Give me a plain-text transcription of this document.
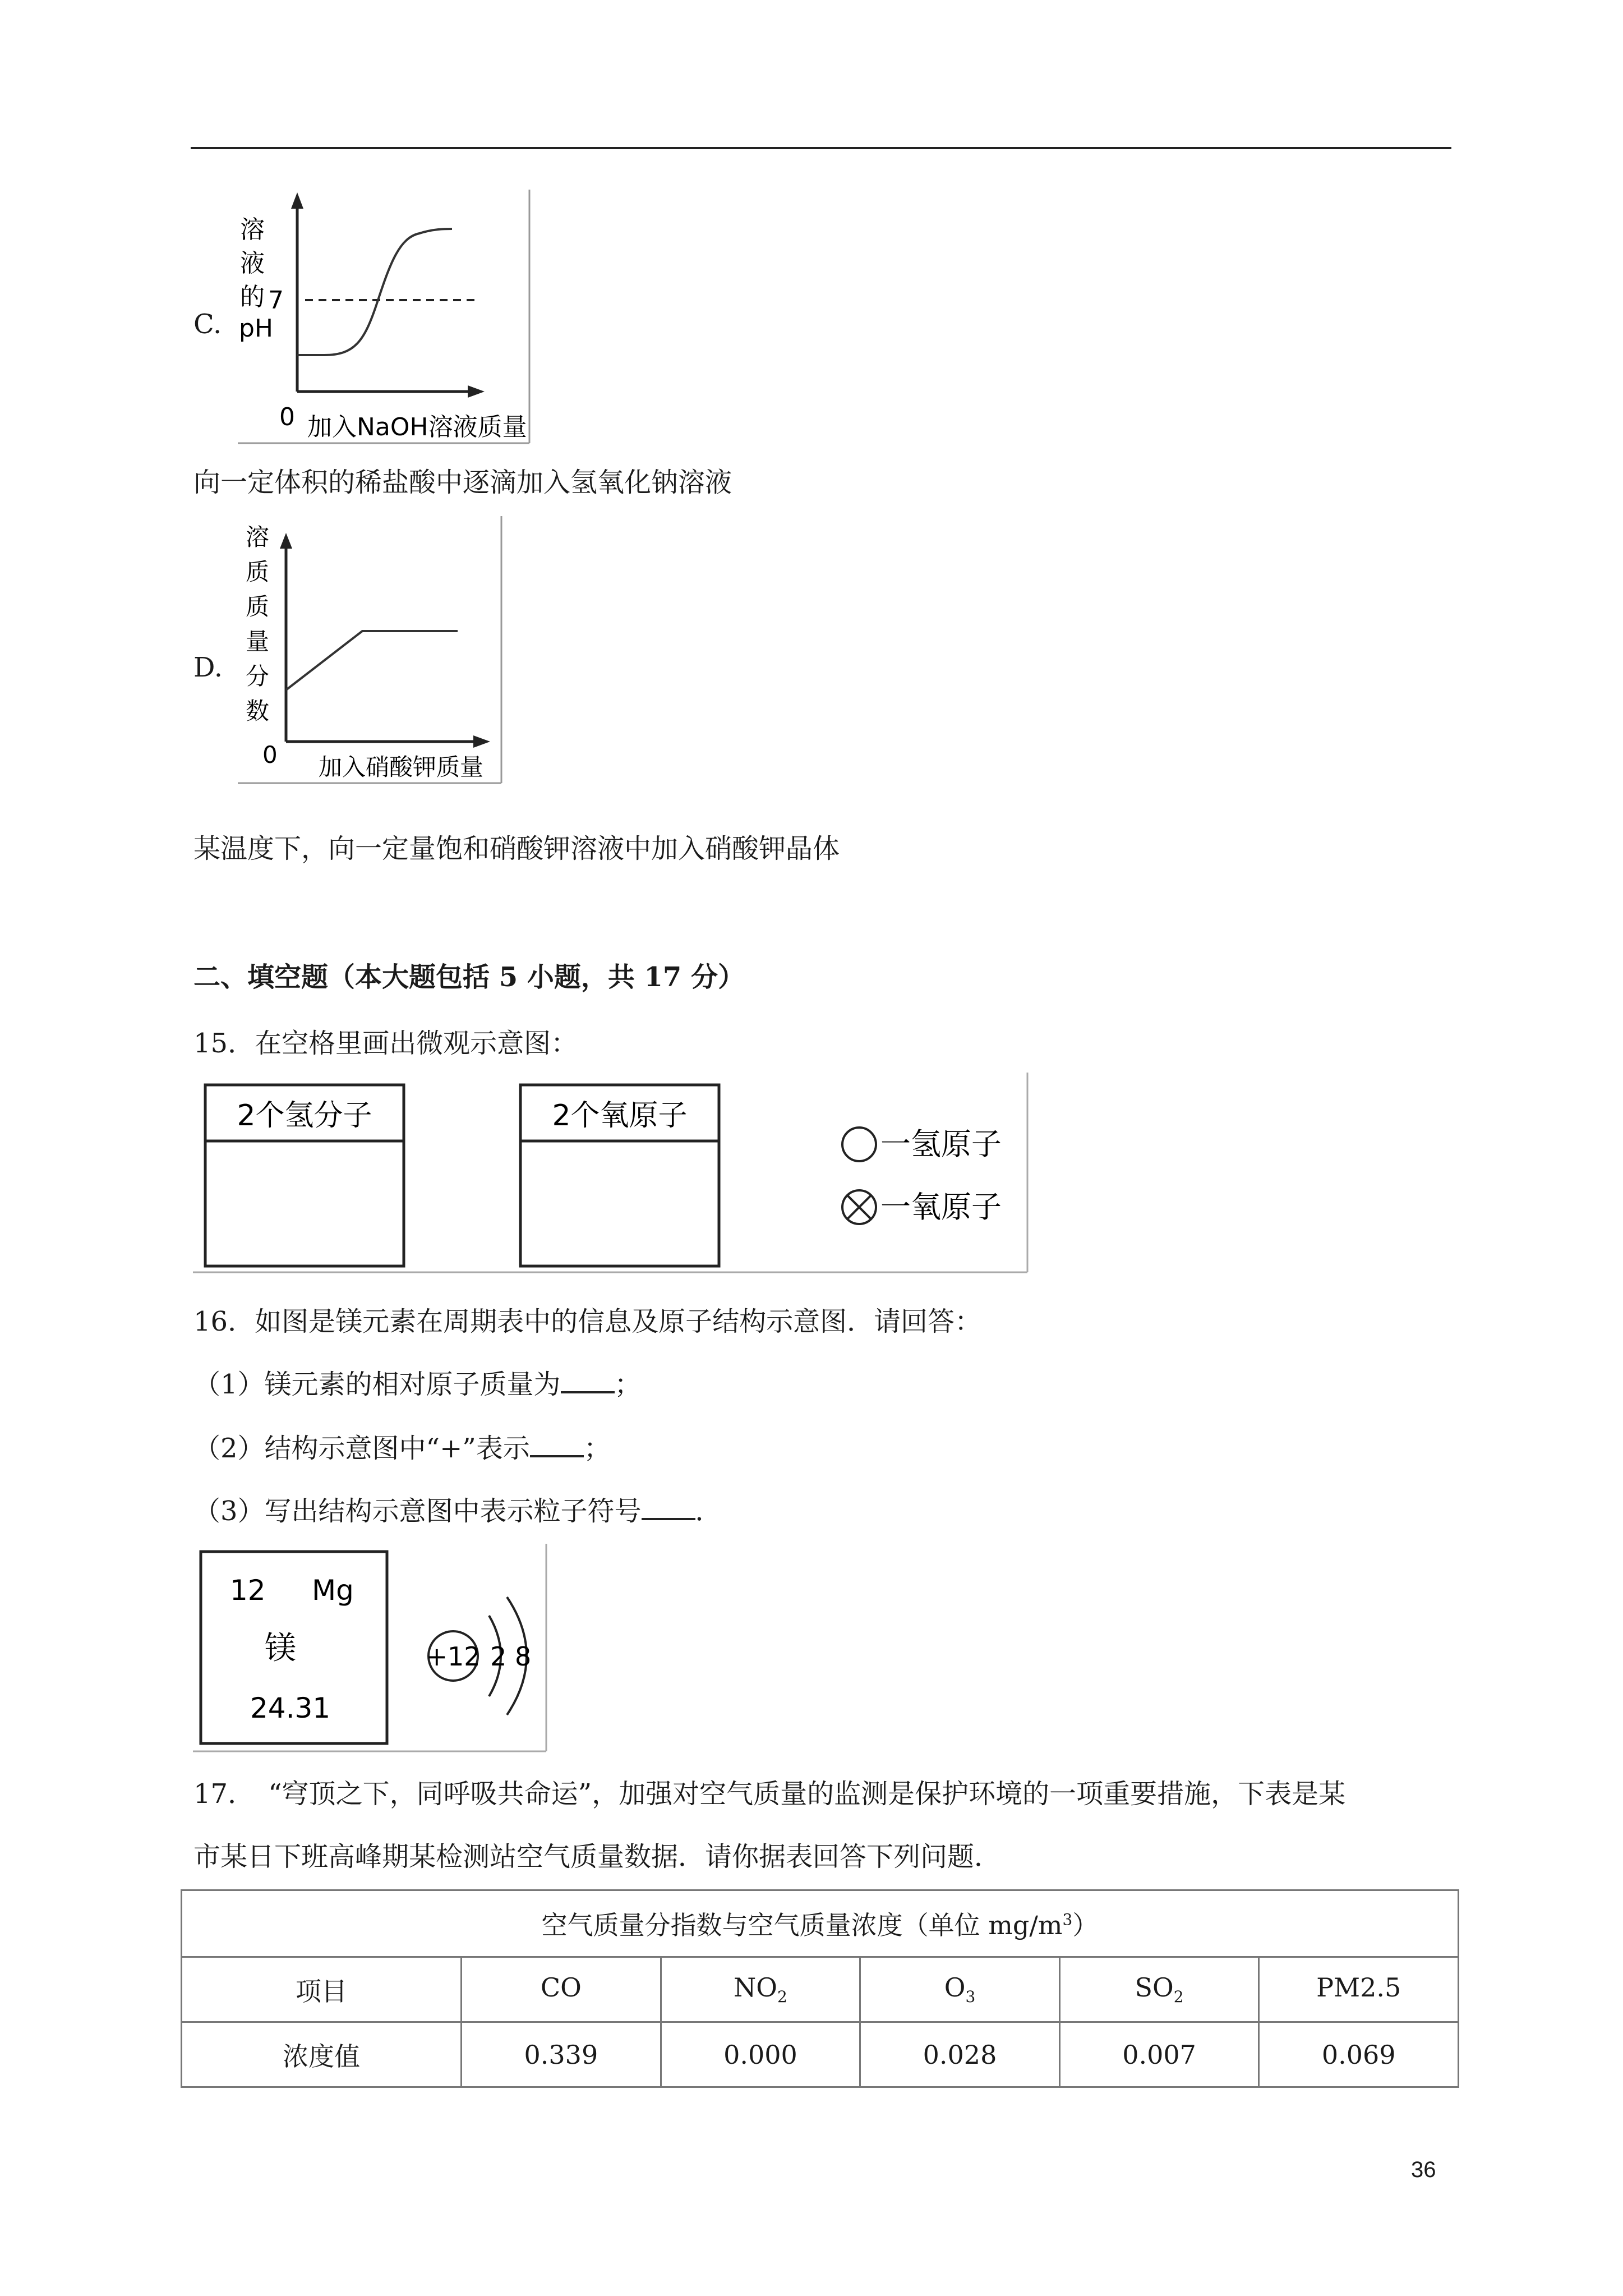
C.
溶
液
的
pH
7
0 加入NaOH溶液质量
向一定体积的稀盐酸中逐滴加入氢氧化钠溶液
D.
溶
质
质
量
分
数
0 加入硝酸钾质量
某温度下，向一定量饱和硝酸钾溶液中加入硝酸钾晶体
二、填空题（本大题包括 5 小题，共 17 分）
15．在空格里画出微观示意图：
2个氢分子	2个氧原子
一氢原子
一氧原子
16．如图是镁元素在周期表中的信息及原子结构示意图．请回答：
（1）镁元素的相对原子质量为 ；
（2）结构示意图中“+”表示 ；
（3）写出结构示意图中表示粒子符号 ．
12 Mg
镁
24.31
+12 2 8
17．　“穹顶之下，同呼吸共命运”，加强对空气质量的监测是保护环境的一项重要措施，下表是某
市某日下班高峰期某检测站空气质量数据．请你据表回答下列问题．
空气质量分指数与空气质量浓度（单位 $mg/m^3$）					
项目	CO	$NO_2$	$O_3$	$SO_2$	PM2.5
浓度值	0.339	0.000	0.028	0.007	0.069
36
